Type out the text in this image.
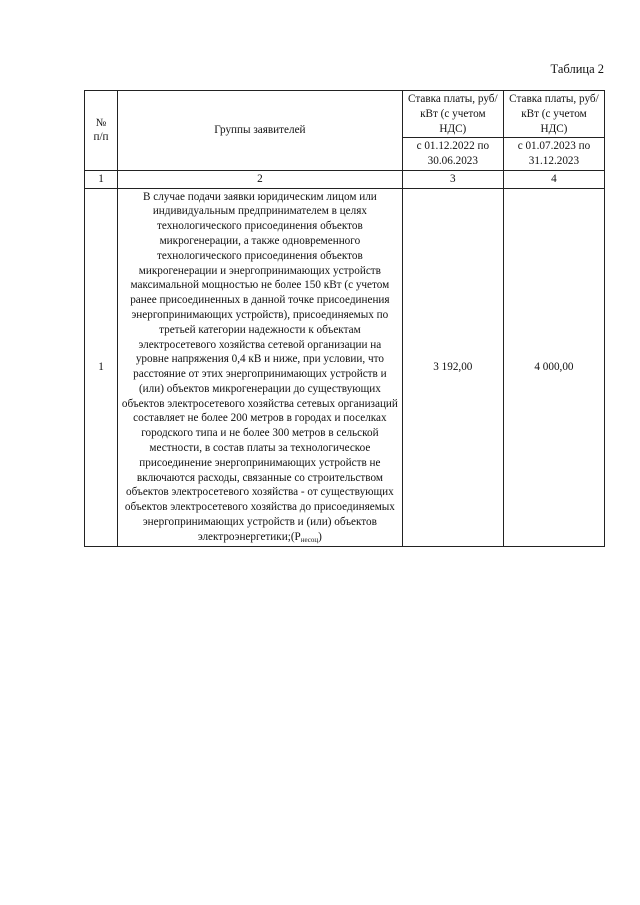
Таблица 2
№
п/п	Группы заявителей	Ставка платы, руб/кВт (с учетом НДС)	Ставка платы, руб/кВт (с учетом НДС)
		с 01.12.2022 по 30.06.2023	с 01.07.2023 по 31.12.2023
1	2	3	4
1	В случае подачи заявки юридическим лицом или индивидуальным предпринимателем в целях технологического присоединения объектов микрогенерации, а также одновременного технологического присоединения объектов микрогенерации и энергопринимающих устройств максимальной мощностью не более 150 кВт (с учетом ранее присоединенных в данной точке присоединения энергопринимающих устройств), присоединяемых по третьей категории надежности к объектам электросетевого хозяйства сетевой организации на уровне напряжения 0,4 кВ и ниже, при условии, что расстояние от этих энергопринимающих устройств и (или) объектов микрогенерации до существующих объектов электросетевого хозяйства сетевых организаций составляет не более 200 метров в городах и поселках городского типа и не более 300 метров в сельской местности, в состав платы за технологическое присоединение энергопринимающих устройств не включаются расходы, связанные со строительством объектов электросетевого хозяйства - от существующих объектов электросетевого хозяйства до присоединяемых энергопринимающих устройств и (или) объектов $электроэнергетики;(P_{несоц})$	3 192,00	4 000,00
